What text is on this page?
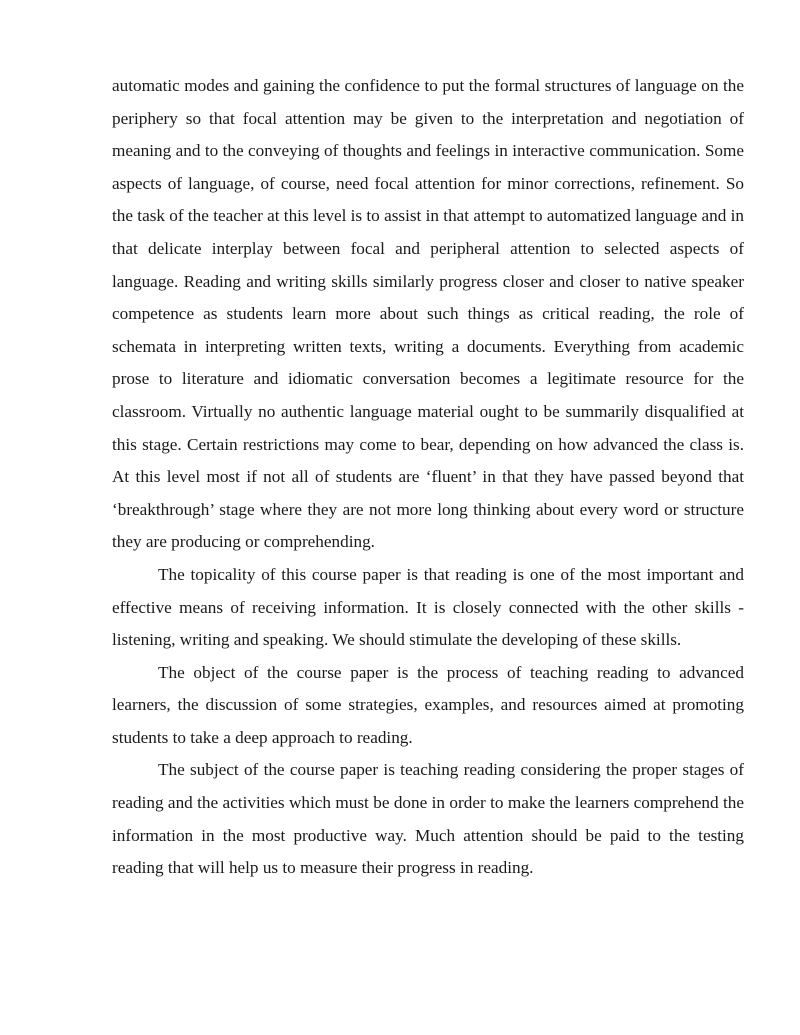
automatic modes and gaining the confidence to put the formal structures of language on the periphery so that focal attention may be given to the interpretation and negotiation of meaning and to the conveying of thoughts and feelings in interactive communication. Some aspects of language, of course, need focal attention for minor corrections, refinement. So the task of the teacher at this level is to assist in that attempt to automatized language and in that delicate interplay between focal and peripheral attention to selected aspects of language. Reading and writing skills similarly progress closer and closer to native speaker competence as students learn more about such things as critical reading, the role of schemata in interpreting written texts, writing a documents. Everything from academic prose to literature and idiomatic conversation becomes a legitimate resource for the classroom. Virtually no authentic language material ought to be summarily disqualified at this stage. Certain restrictions may come to bear, depending on how advanced the class is. At this level most if not all of students are ‘fluent’ in that they have passed beyond that ‘breakthrough’ stage where they are not more long thinking about every word or structure they are producing or comprehending.

The topicality of this course paper is that reading is one of the most important and effective means of receiving information. It is closely connected with the other skills - listening, writing and speaking. We should stimulate the developing of these skills.

The object of the course paper is the process of teaching reading to advanced learners, the discussion of some strategies, examples, and resources aimed at promoting students to take a deep approach to reading.

The subject of the course paper is teaching reading considering the proper stages of reading and the activities which must be done in order to make the learners comprehend the information in the most productive way. Much attention should be paid to the testing reading that will help us to measure their progress in reading.
